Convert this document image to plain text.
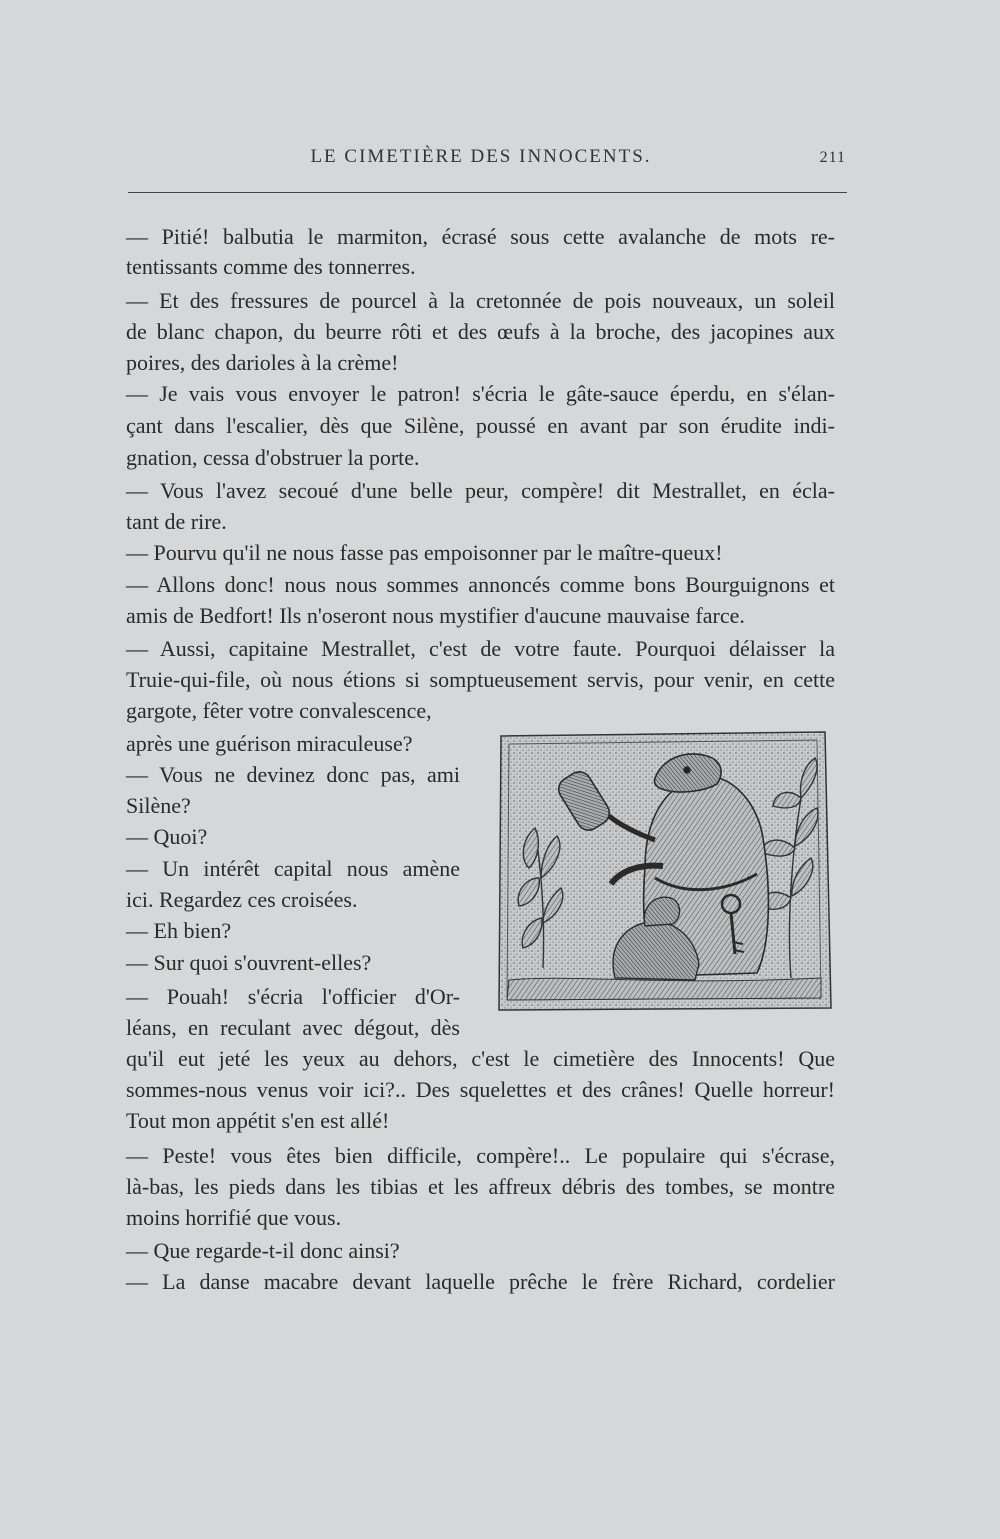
LE CIMETIÈRE DES INNOCENTS.	211
— Pitié! balbutia le marmiton, écrasé sous cette avalanche de mots re-
tentissants comme des tonnerres.
— Et des fressures de pourcel à la cretonnée de pois nouveaux, un soleil
de blanc chapon, du beurre rôti et des œufs à la broche, des jacopines aux
poires, des darioles à la crème!
— Je vais vous envoyer le patron! s'écria le gâte-sauce éperdu, en s'élan-
çant dans l'escalier, dès que Silène, poussé en avant par son érudite indi-
gnation, cessa d'obstruer la porte.
— Vous l'avez secoué d'une belle peur, compère! dit Mestrallet, en écla-
tant de rire.
— Pourvu qu'il ne nous fasse pas empoisonner par le maître-queux!
— Allons donc! nous nous sommes annoncés comme bons Bourguignons et
amis de Bedfort! Ils n'oseront nous mystifier d'aucune mauvaise farce.
— Aussi, capitaine Mestrallet, c'est de votre faute. Pourquoi délaisser la
Truie-qui-file, où nous étions si somptueusement servis, pour venir, en cette
gargote, fêter votre convalescence,
après une guérison miraculeuse?
— Vous ne devinez donc pas, ami
Silène?
— Quoi?
— Un intérêt capital nous amène
ici. Regardez ces croisées.
— Eh bien?
— Sur quoi s'ouvrent-elles?
— Pouah! s'écria l'officier d'Or-
léans, en reculant avec dégout, dès
qu'il eut jeté les yeux au dehors, c'est le cimetière des Innocents! Que
sommes-nous venus voir ici?.. Des squelettes et des crânes! Quelle horreur!
Tout mon appétit s'en est allé!
— Peste! vous êtes bien difficile, compère!.. Le populaire qui s'écrase,
là-bas, les pieds dans les tibias et les affreux débris des tombes, se montre
moins horrifié que vous.
— Que regarde-t-il donc ainsi?
— La danse macabre devant laquelle prêche le frère Richard, cordelier
